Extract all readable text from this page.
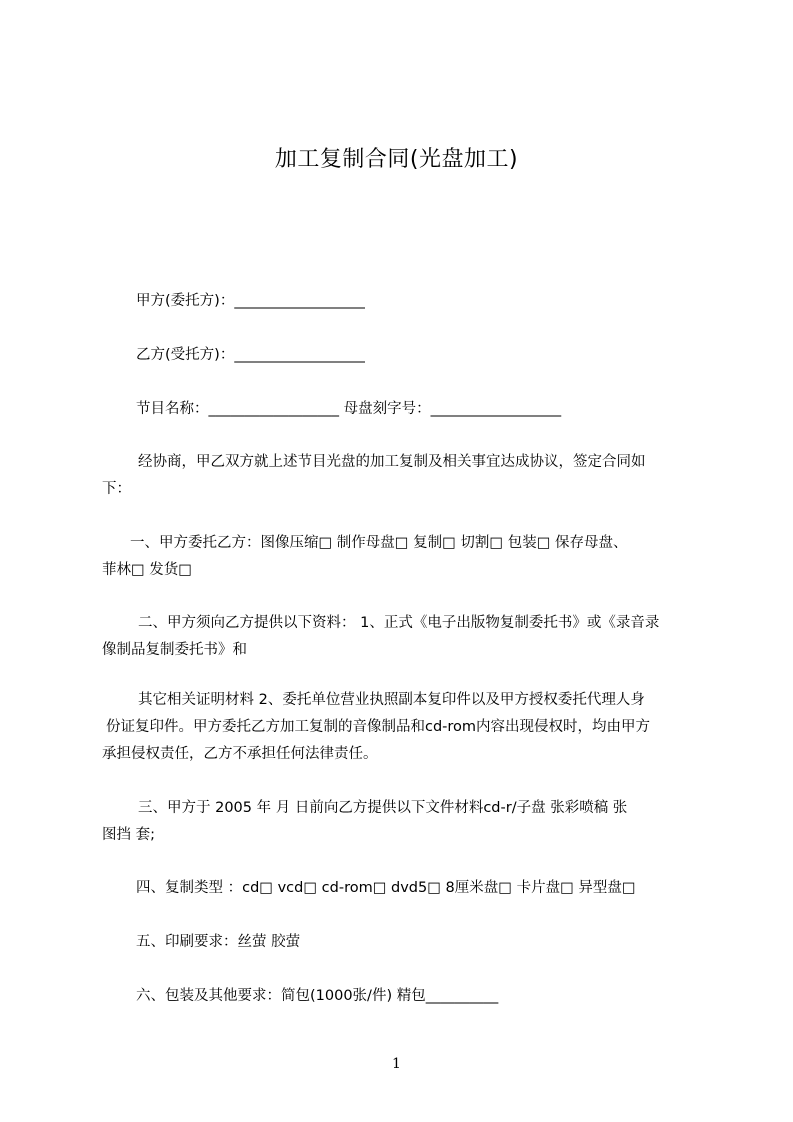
加工复制合同(光盘加工)
甲方(委托方)：__________________
乙方(受托方)：__________________
节目名称：__________________ 母盘刻字号：__________________
经协商，甲乙双方就上述节目光盘的加工复制及相关事宜达成协议，签定合同如
下：
一、甲方委托乙方：图像压缩□ 制作母盘□ 复制□ 切割□ 包装□ 保存母盘、
菲林□ 发货□
二、甲方须向乙方提供以下资料： 1、正式《电子出版物复制委托书》或《录音录
像制品复制委托书》和
其它相关证明材料 2、委托单位营业执照副本复印件以及甲方授权委托代理人身
份证复印件。甲方委托乙方加工复制的音像制品和cd-rom内容出现侵权时，均由甲方
承担侵权责任，乙方不承担任何法律责任。
三、甲方于 2005 年 月 日前向乙方提供以下文件材料cd-r/子盘 张彩喷稿 张
图挡 套;
四、复制类型 ：cd□ vcd□ cd-rom□ dvd5□ 8厘米盘□ 卡片盘□ 异型盘□
五、印刷要求：丝萤 胶萤
六、包装及其他要求：简包(1000张/件) 精包__________
1
